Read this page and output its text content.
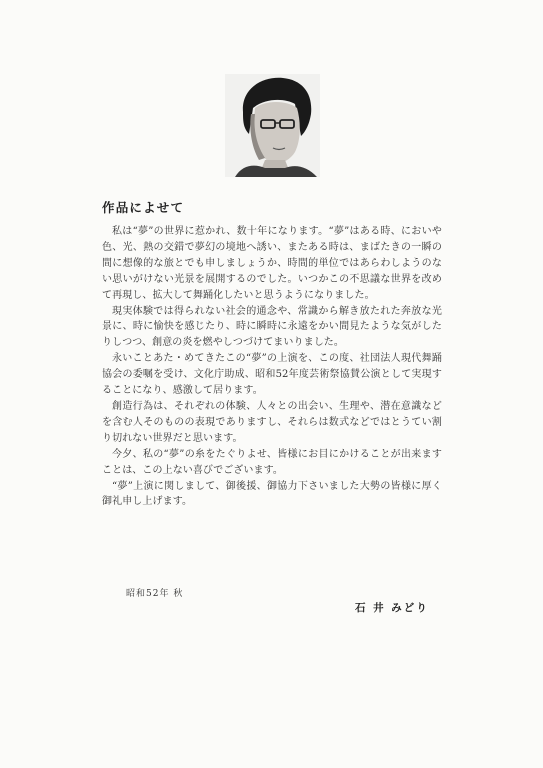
作品によせて

私は“夢”の世界に惹かれ、数十年になります。“夢”はある時、においや色、光、熱の交錯で夢幻の境地へ誘い、またある時は、まばたきの一瞬の間に想像的な旅とでも申しましょうか、時間的単位ではあらわしようのない思いがけない光景を展開するのでした。いつかこの不思議な世界を改めて再現し、拡大して舞踊化したいと思うようになりました。

現実体験では得られない社会的通念や、常識から解き放たれた奔放な光景に、時に愉快を感じたり、時に瞬時に永遠をかい間見たような気がしたりしつつ、創意の炎を燃やしつづけてまいりました。

永いことあた・めてきたこの“夢”の上演を、この度、社団法人現代舞踊協会の委嘱を受け、文化庁助成、昭和52年度芸術祭協賛公演として実現することになり、感激して居ります。

創造行為は、それぞれの体験、人々との出会い、生理や、潜在意識などを含む人そのものの表現でありますし、それらは数式などではとうてい割り切れない世界だと思います。

今夕、私の“夢”の糸をたぐりよせ、皆様にお目にかけることが出来ますことは、この上ない喜びでございます。

“夢”上演に関しまして、御後援、御協力下さいました大勢の皆様に厚く御礼申し上げます。

昭和52年 秋
石 井 みどり
